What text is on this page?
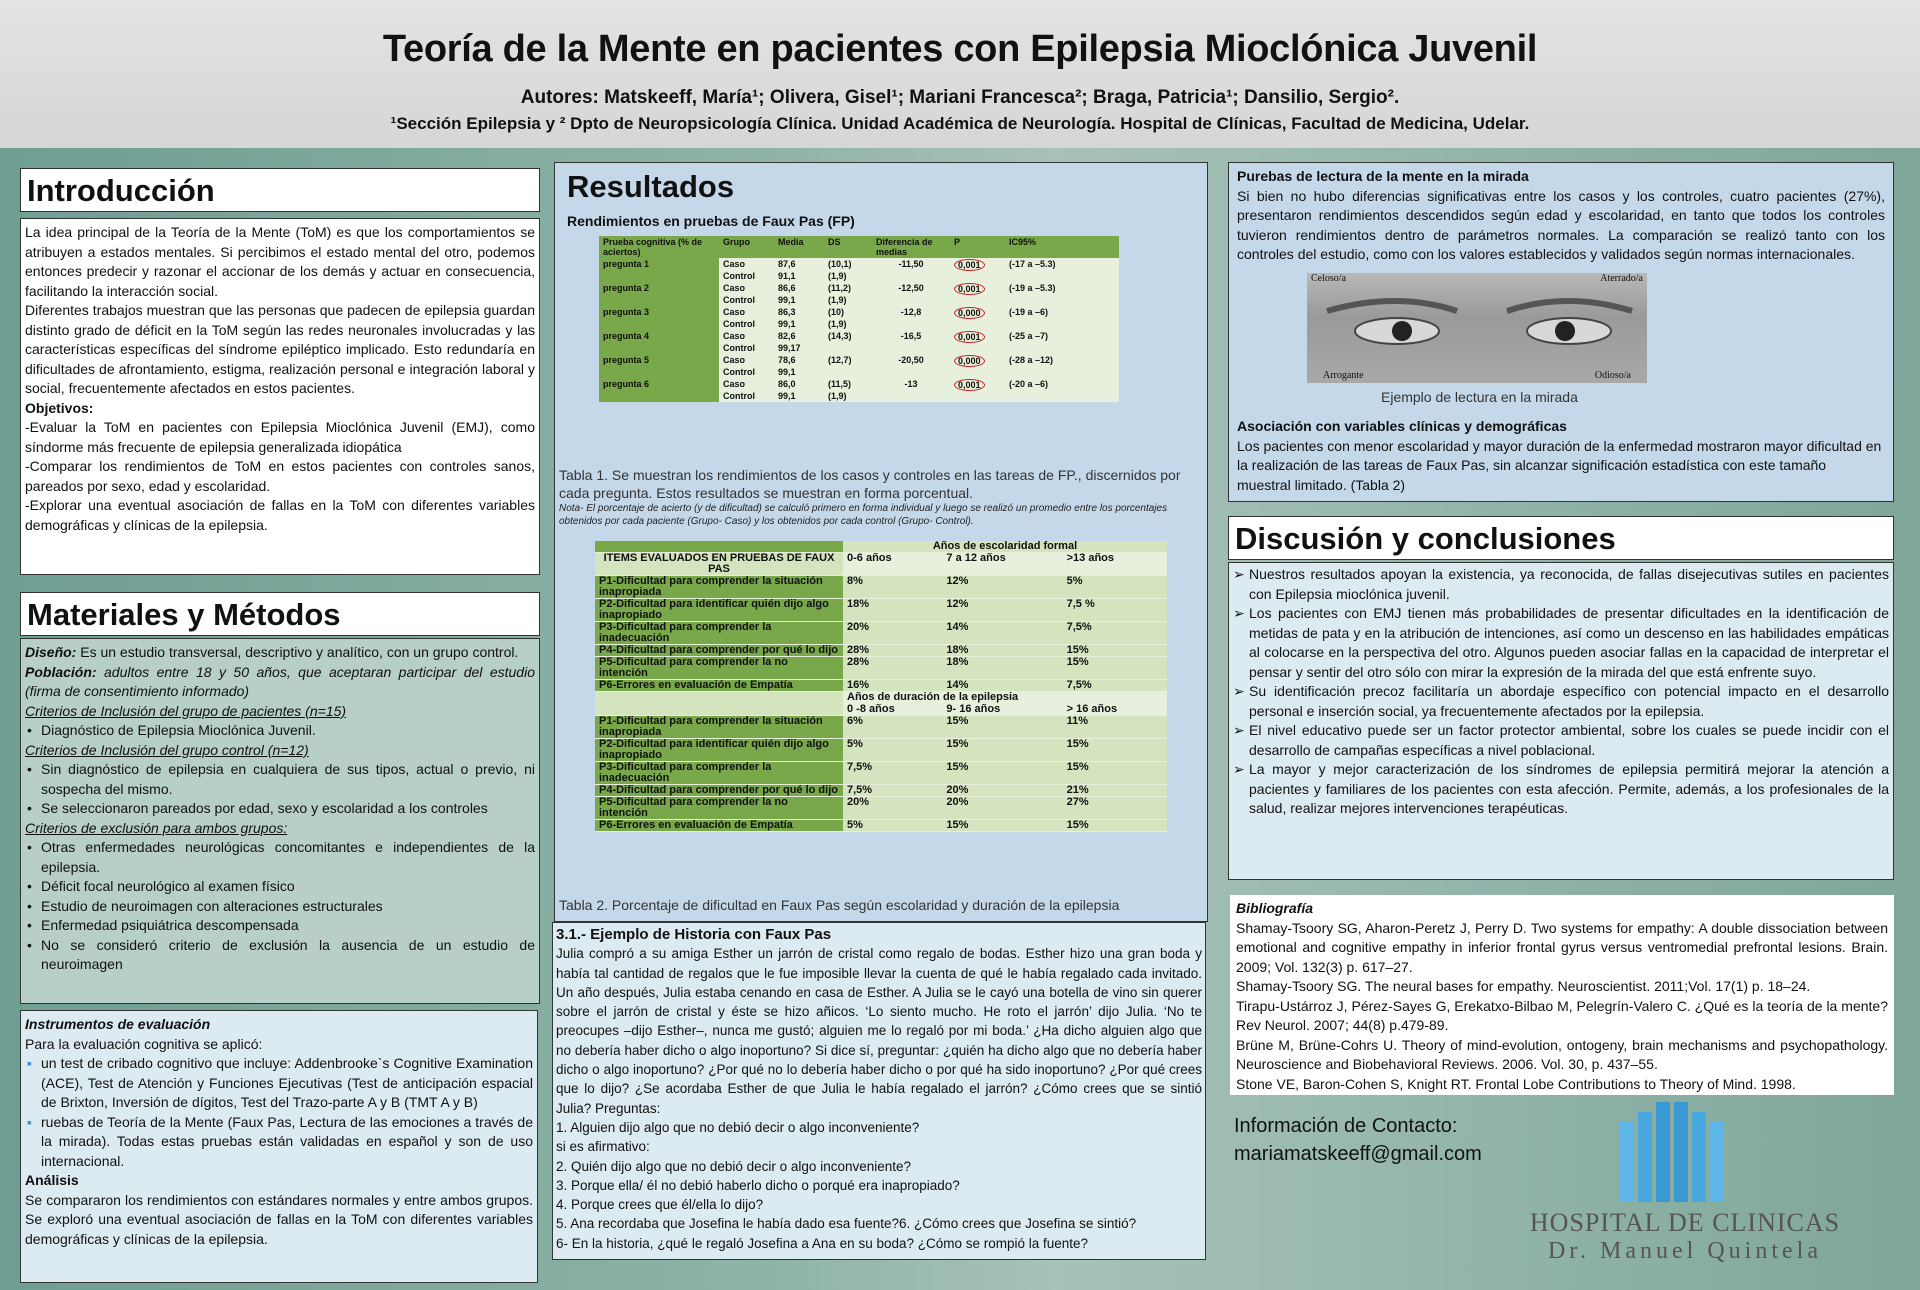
Teoría de la Mente en pacientes con Epilepsia Mioclónica Juvenil
Autores: Matskeeff, María¹; Olivera, Gisel¹; Mariani Francesca²; Braga, Patricia¹; Dansilio, Sergio².
¹Sección Epilepsia y ² Dpto de Neuropsicología Clínica. Unidad Académica de Neurología. Hospital de Clínicas, Facultad de Medicina, Udelar.
Introducción

La idea principal de la Teoría de la Mente (ToM) es que los comportamientos se atribuyen a estados mentales. Si percibimos el estado mental del otro, podemos entonces predecir y razonar el accionar de los demás y actuar en consecuencia, facilitando la interacción social.

Diferentes trabajos muestran que las personas que padecen de epilepsia guardan distinto grado de déficit en la ToM según las redes neuronales involucradas y las características específicas del síndrome epiléptico implicado. Esto redundaría en dificultades de afrontamiento, estigma, realización personal e integración laboral y social, frecuentemente afectados en estos pacientes.

Objetivos:

-Evaluar la ToM en pacientes con Epilepsia Mioclónica Juvenil (EMJ), como síndorme más frecuente de epilepsia generalizada idiopática

-Comparar los rendimientos de ToM en estos pacientes con controles sanos, pareados por sexo, edad y escolaridad.

-Explorar una eventual asociación de fallas en la ToM con diferentes variables demográficas y clínicas de la epilepsia.

Materiales y Métodos

Diseño: Es un estudio transversal, descriptivo y analítico, con un grupo control.

Población: adultos entre 18 y 50 años, que aceptaran participar del estudio (firma de consentimiento informado)

Criterios de Inclusión del grupo de pacientes (n=15)

• Diagnóstico de Epilepsia Mioclónica Juvenil.

Criterios de Inclusión del grupo control (n=12)

• Sin diagnóstico de epilepsia en cualquiera de sus tipos, actual o previo, ni sospecha del mismo.
• Se seleccionaron pareados por edad, sexo y escolaridad a los controles

Criterios de exclusión para ambos grupos:

• Otras enfermedades neurológicas concomitantes e independientes de la epilepsia.
• Déficit focal neurológico al examen físico
• Estudio de neuroimagen con alteraciones estructurales
• Enfermedad psiquiátrica descompensada
• No se consideró criterio de exclusión la ausencia de un estudio de neuroimagen

Instrumentos de evaluación

Para la evaluación cognitiva se aplicó:

▪ un test de cribado cognitivo que incluye: Addenbrooke`s Cognitive Examination (ACE), Test de Atención y Funciones Ejecutivas (Test de anticipación espacial de Brixton, Inversión de dígitos, Test del Trazo-parte A y B (TMT A y B)
▪ ruebas de Teoría de la Mente (Faux Pas, Lectura de las emociones a través de la mirada). Todas estas pruebas están validadas en español y son de uso internacional.

Análisis

Se compararon los rendimientos con estándares normales y entre ambos grupos. Se exploró una eventual asociación de fallas en la ToM con diferentes variables demográficas y clínicas de la epilepsia.

Resultados
Rendimientos en pruebas de Faux Pas (FP)
Prueba cognitiva (% de aciertos)	Grupo	Media	DS	Diferencia de medias	P	IC95%
pregunta 1	Caso	87,6	(10,1)	-11,50	0,001	(-17 a –5.3)
	Control	91,1	(1,9)			
pregunta 2	Caso	86,6	(11,2)	-12,50	0,001	(-19 a –5.3)
	Control	99,1	(1,9)			
pregunta 3	Caso	86,3	(10)	-12,8	0,000	(-19 a –6)
	Control	99,1	(1,9)			
pregunta 4	Caso	82,6	(14,3)	-16,5	0,001	(-25 a –7)
	Control	99,17				
pregunta 5	Caso	78,6	(12,7)	-20,50	0,000	(-28 a –12)
	Control	99,1				
pregunta 6	Caso	86,0	(11,5)	-13	0,001	(-20 a –6)
	Control	99,1	(1,9)			
Tabla 1. Se muestran los rendimientos de los casos y controles en las tareas de FP., discernidos por cada pregunta. Estos resultados se muestran en forma porcentual.
Nota- El porcentaje de acierto (y de dificultad) se calculó primero en forma individual y luego se realizó un promedio entre los porcentajes obtenidos por cada paciente (Grupo- Caso) y los obtenidos por cada control (Grupo- Control).
	Años de escolaridad formal		
ITEMS EVALUADOS EN PRUEBAS DE FAUX PAS	0-6 años	7 a 12 años	>13 años
P1-Dificultad para comprender la situación inapropiada	8%	12%	5%
P2-Dificultad para identificar quién dijo algo inapropiado	18%	12%	7,5 %
P3-Dificultad para comprender la inadecuación	20%	14%	7,5%
P4-Dificultad para comprender por qué lo dijo	28%	18%	15%
P5-Dificultad para comprender la no intención	28%	18%	15%
P6-Errores en evaluación de Empatía	16%	14%	7,5%
	Años de duración de la epilepsia		
	0 -8 años	9- 16 años	> 16 años
P1-Dificultad para comprender la situación inapropiada	6%	15%	11%
P2-Dificultad para identificar quién dijo algo inapropiado	5%	15%	15%
P3-Dificultad para comprender la inadecuación	7,5%	15%	15%
P4-Dificultad para comprender por qué lo dijo	7,5%	20%	21%
P5-Dificultad para comprender la no intención	20%	20%	27%
P6-Errores en evaluación de Empatía	5%	15%	15%
Tabla 2. Porcentaje de dificultad en Faux Pas según escolaridad y duración de la epilepsia

3.1.- Ejemplo de Historia con Faux Pas

Julia compró a su amiga Esther un jarrón de cristal como regalo de bodas. Esther hizo una gran boda y había tal cantidad de regalos que le fue imposible llevar la cuenta de qué le había regalado cada invitado. Un año después, Julia estaba cenando en casa de Esther. A Julia se le cayó una botella de vino sin querer sobre el jarrón de cristal y éste se hizo añicos. ‘Lo siento mucho. He roto el jarrón’ dijo Julia. ‘No te preocupes –dijo Esther–, nunca me gustó; alguien me lo regaló por mi boda.’ ¿Ha dicho alguien algo que no debería haber dicho o algo inoportuno? Si dice sí, preguntar: ¿quién ha dicho algo que no debería haber dicho o algo inoportuno? ¿Por qué no lo debería haber dicho o por qué ha sido inoportuno? ¿Por qué crees que lo dijo? ¿Se acordaba Esther de que Julia le había regalado el jarrón? ¿Cómo crees que se sintió Julia? Preguntas:

1. Alguien dijo algo que no debió decir o algo inconveniente?

si es afirmativo:

2. Quién dijo algo que no debió decir o algo inconveniente?

3. Porque ella/ él no debió haberlo dicho o porqué era inapropiado?

4. Porque crees que él/ella lo dijo?

5. Ana recordaba que Josefina le había dado esa fuente?6. ¿Cómo crees que Josefina se sintió?

6- En la historia, ¿qué le regaló Josefina a Ana en su boda? ¿Cómo se rompió la fuente?

Purebas de lectura de la mente en la mirada

Si bien no hubo diferencias significativas entre los casos y los controles, cuatro pacientes (27%), presentaron rendimientos descendidos según edad y escolaridad, en tanto que todos los controles tuvieron rendimientos dentro de parámetros normales. La comparación se realizó tanto con los controles del estudio, como con los valores establecidos y validados según normas internacionales.

Celoso/a	Aterrado/a
Arrogante	Odioso/a
Ejemplo de lectura en la mirada

Asociación con variables clínicas y demográficas

Los pacientes con menor escolaridad y mayor duración de la enfermedad mostraron mayor dificultad en la realización de las tareas de Faux Pas, sin alcanzar significación estadística con este tamaño muestral limitado. (Tabla 2)

Discusión y conclusiones
➢ Nuestros resultados apoyan la existencia, ya reconocida, de fallas disejecutivas sutiles en pacientes con Epilepsia mioclónica juvenil.
➢ Los pacientes con EMJ tienen más probabilidades de presentar dificultades en la identificación de metidas de pata y en la atribución de intenciones, así como un descenso en las habilidades empáticas al colocarse en la perspectiva del otro. Algunos pueden asociar fallas en la capacidad de interpretar el pensar y sentir del otro sólo con mirar la expresión de la mirada del que está enfrente suyo.
➢ Su identificación precoz facilitaría un abordaje específico con potencial impacto en el desarrollo personal e inserción social, ya frecuentemente afectados por la epilepsia.
➢ El nivel educativo puede ser un factor protector ambiental, sobre los cuales se puede incidir con el desarrollo de campañas específicas a nivel poblacional.
➢ La mayor y mejor caracterización de los síndromes de epilepsia permitirá mejorar la atención a pacientes y familiares de los pacientes con esta afección. Permite, además, a los profesionales de la salud, realizar mejores intervenciones terapéuticas.

Bibliografía

Shamay-Tsoory SG, Aharon-Peretz J, Perry D. Two systems for empathy: A double dissociation between emotional and cognitive empathy in inferior frontal gyrus versus ventromedial prefrontal lesions. Brain. 2009; Vol. 132(3) p. 617–27.

Shamay-Tsoory SG. The neural bases for empathy. Neuroscientist. 2011;Vol. 17(1) p. 18–24.

Tirapu-Ustárroz J, Pérez-Sayes G, Erekatxo-Bilbao M, Pelegrín-Valero C. ¿Qué es la teoría de la mente? Rev Neurol. 2007; 44(8) p.479-89.

Brüne M, Brüne-Cohrs U. Theory of mind-evolution, ontogeny, brain mechanisms and psychopathology. Neuroscience and Biobehavioral Reviews. 2006. Vol. 30, p. 437–55.

Stone VE, Baron-Cohen S, Knight RT. Frontal Lobe Contributions to Theory of Mind. 1998.

Información de Contacto:
mariamatskeeff@gmail.com
HOSPITAL DE CLINICAS
Dr. Manuel Quintela
